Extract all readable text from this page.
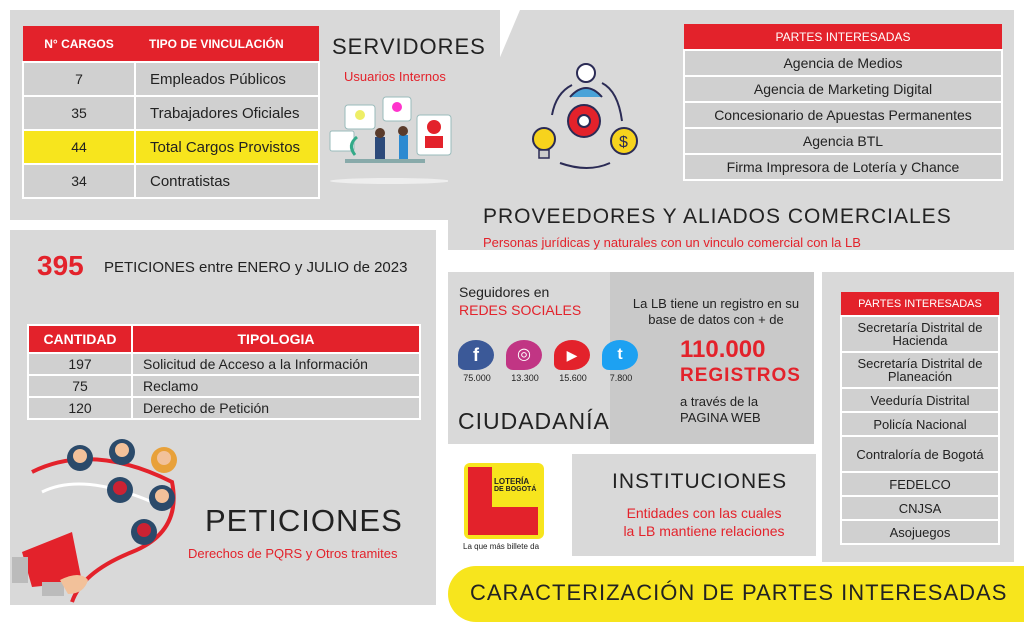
N° CARGOS	TIPO DE VINCULACIÓN
7	Empleados Públicos
35	Trabajadores Oficiales
44	Total Cargos Provistos
34	Contratistas
SERVIDORES
Usuarios Internos
PARTES INTERESADAS
Agencia de Medios
Agencia de Marketing Digital
Concesionario de Apuestas Permanentes
Agencia BTL
Firma Impresora de Lotería y Chance
$
PROVEEDORES Y ALIADOS COMERCIALES
Personas jurídicas y naturales con un vinculo comercial con la LB
395 PETICIONES entre ENERO y JULIO de 2023
CANTIDAD	TIPOLOGIA
197	Solicitud de Acceso a la Información
75	Reclamo
120	Derecho de Petición
PETICIONES
Derechos de PQRS y Otros tramites
Seguidores en
REDES SOCIALES
f
75.000
◎
13.300
▶
15.600
t
7.800
CIUDADANÍA
La LB tiene un registro en su base de datos con + de
110.000
REGISTROS
a través de la
PAGINA WEB
PARTES INTERESADAS
Secretaría Distrital de Hacienda
Secretaría Distrital de Planeación
Veeduría Distrital
Policía Nacional
Contraloría de Bogotá
FEDELCO
CNJSA
Asojuegos
INSTITUCIONES
Entidades con las cuales
la LB mantiene relaciones
LOTERÍA
DE BOGOTÁ
La que más billete da
CARACTERIZACIÓN DE PARTES INTERESADAS
